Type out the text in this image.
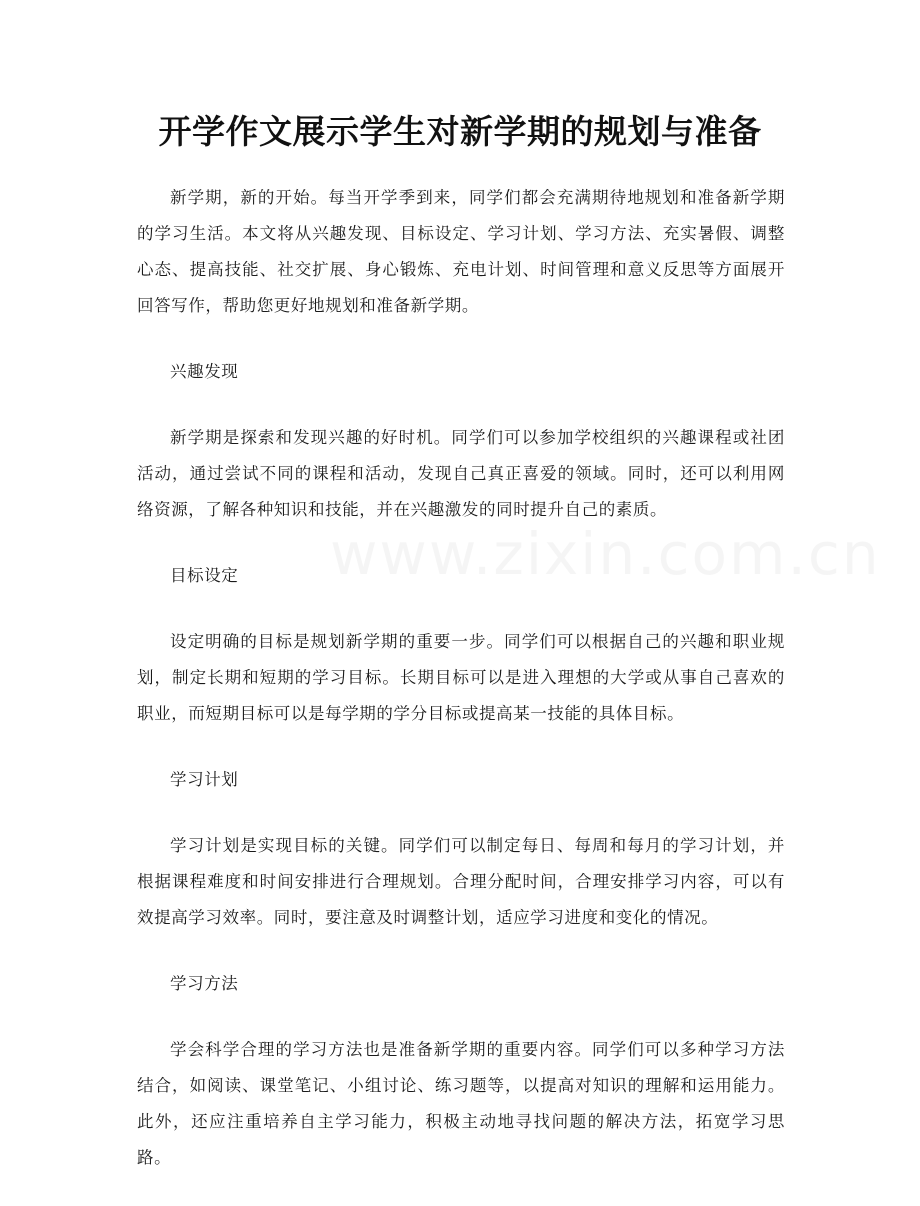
开学作文展示学生对新学期的规划与准备
www.zixin.com.cn

新学期，新的开始。每当开学季到来，同学们都会充满期待地规划和准备新学期的学习生活。本文将从兴趣发现、目标设定、学习计划、学习方法、充实暑假、调整心态、提高技能、社交扩展、身心锻炼、充电计划、时间管理和意义反思等方面展开回答写作，帮助您更好地规划和准备新学期。

兴趣发现

新学期是探索和发现兴趣的好时机。同学们可以参加学校组织的兴趣课程或社团活动，通过尝试不同的课程和活动，发现自己真正喜爱的领域。同时，还可以利用网络资源，了解各种知识和技能，并在兴趣激发的同时提升自己的素质。

目标设定

设定明确的目标是规划新学期的重要一步。同学们可以根据自己的兴趣和职业规划，制定长期和短期的学习目标。长期目标可以是进入理想的大学或从事自己喜欢的职业，而短期目标可以是每学期的学分目标或提高某一技能的具体目标。

学习计划

学习计划是实现目标的关键。同学们可以制定每日、每周和每月的学习计划，并根据课程难度和时间安排进行合理规划。合理分配时间，合理安排学习内容，可以有效提高学习效率。同时，要注意及时调整计划，适应学习进度和变化的情况。

学习方法

学会科学合理的学习方法也是准备新学期的重要内容。同学们可以多种学习方法结合，如阅读、课堂笔记、小组讨论、练习题等，以提高对知识的理解和运用能力。此外，还应注重培养自主学习能力，积极主动地寻找问题的解决方法，拓宽学习思路。
